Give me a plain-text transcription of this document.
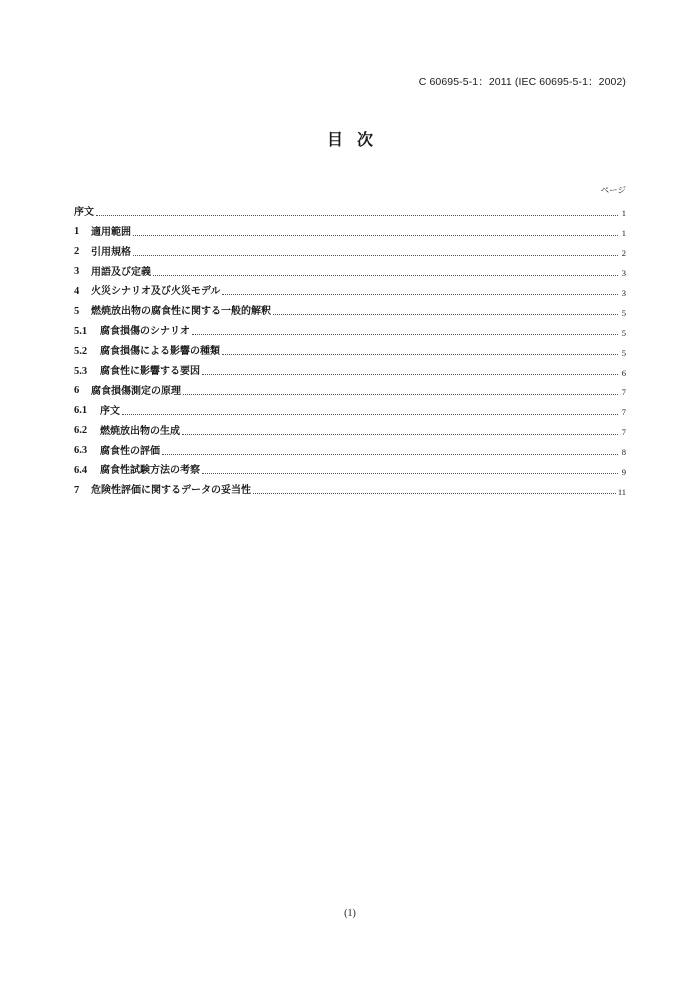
C 60695-5-1：2011 (IEC 60695-5-1：2002)
目次
ページ
序文	1
1	適用範囲	1
2	引用規格	2
3	用語及び定義	3
4	火災シナリオ及び火災モデル	3
5	燃焼放出物の腐食性に関する一般的解釈	5
5.1	腐食損傷のシナリオ	5
5.2	腐食損傷による影響の種類	5
5.3	腐食性に影響する要因	6
6	腐食損傷測定の原理	7
6.1	序文	7
6.2	燃焼放出物の生成	7
6.3	腐食性の評価	8
6.4	腐食性試験方法の考察	9
7	危険性評価に関するデータの妥当性	11
(1)
